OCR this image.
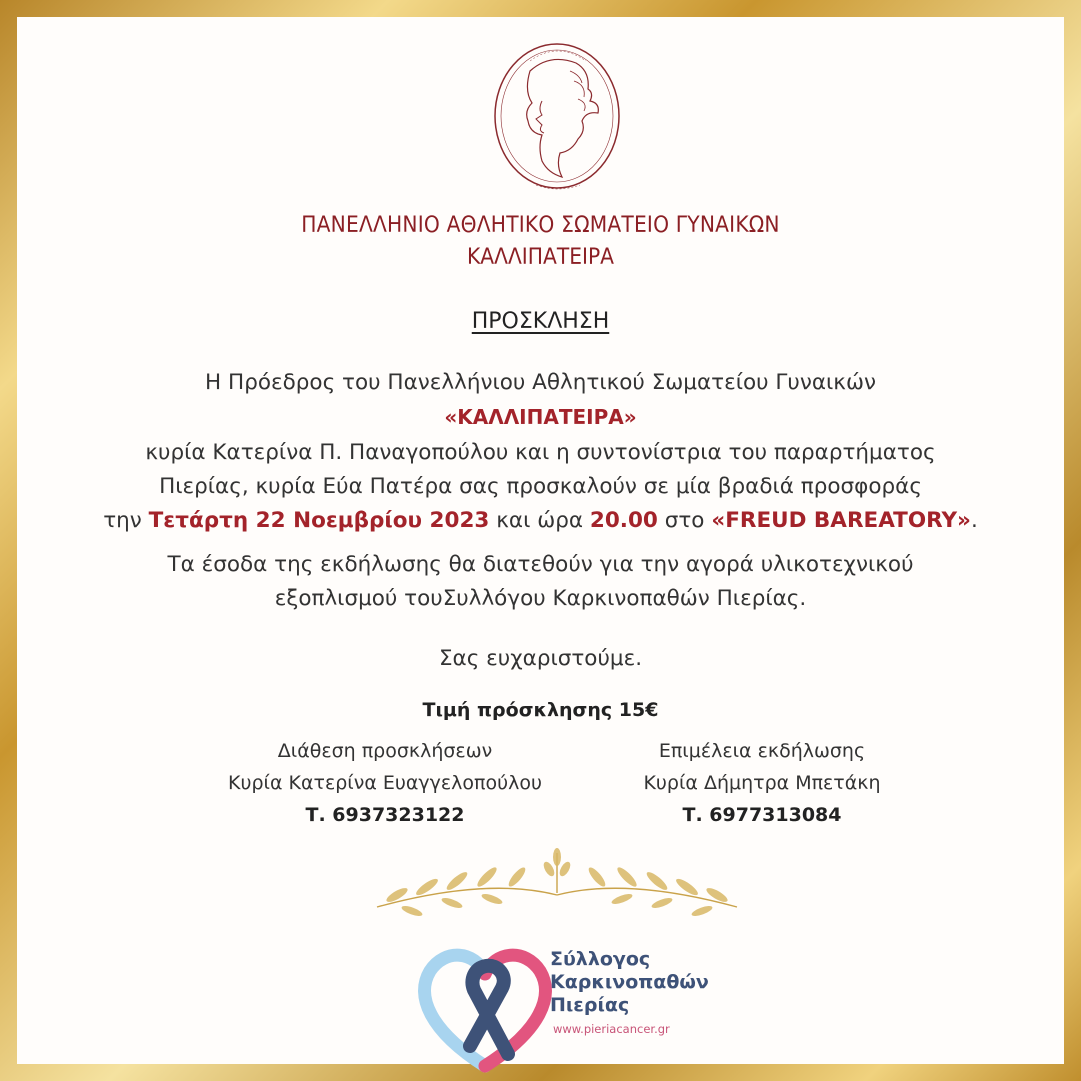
ΠΑΝΕΛΛΗΝΙΟ ΑΘΛΗΤΙΚΟ ΣΩΜΑΤΕΙΟ ΓΥΝΑΙΚΩΝ
ΚΑΛΛΙΠΑΤΕΙΡΑ
ΠΡΟΣΚΛΗΣΗ
Η Πρόεδρος του Πανελλήνιου Αθλητικού Σωματείου Γυναικών
«ΚΑΛΛΙΠΑΤΕΙΡΑ»
κυρία Κατερίνα Π. Παναγοπούλου και η συντονίστρια του παραρτήματος
Πιερίας, κυρία Εύα Πατέρα σας προσκαλούν σε μία βραδιά προσφοράς
την Τετάρτη 22 Νοεμβρίου 2023 και ώρα 20.00 στο «FREUD BAREATORY».
Τα έσοδα της εκδήλωσης θα διατεθούν για την αγορά υλικοτεχνικού
εξοπλισμού τουΣυλλόγου Καρκινοπαθών Πιερίας.
Σας ευχαριστούμε.
Τιμή πρόσκλησης 15€
Διάθεση προσκλήσεων
Κυρία Κατερίνα Ευαγγελοπούλου
Τ. 6937323122
Επιμέλεια εκδήλωσης
Κυρία Δήμητρα Μπετάκη
Τ. 6977313084
Σύλλογος
Καρκινοπαθών
Πιερίας
www.pieriacancer.gr
